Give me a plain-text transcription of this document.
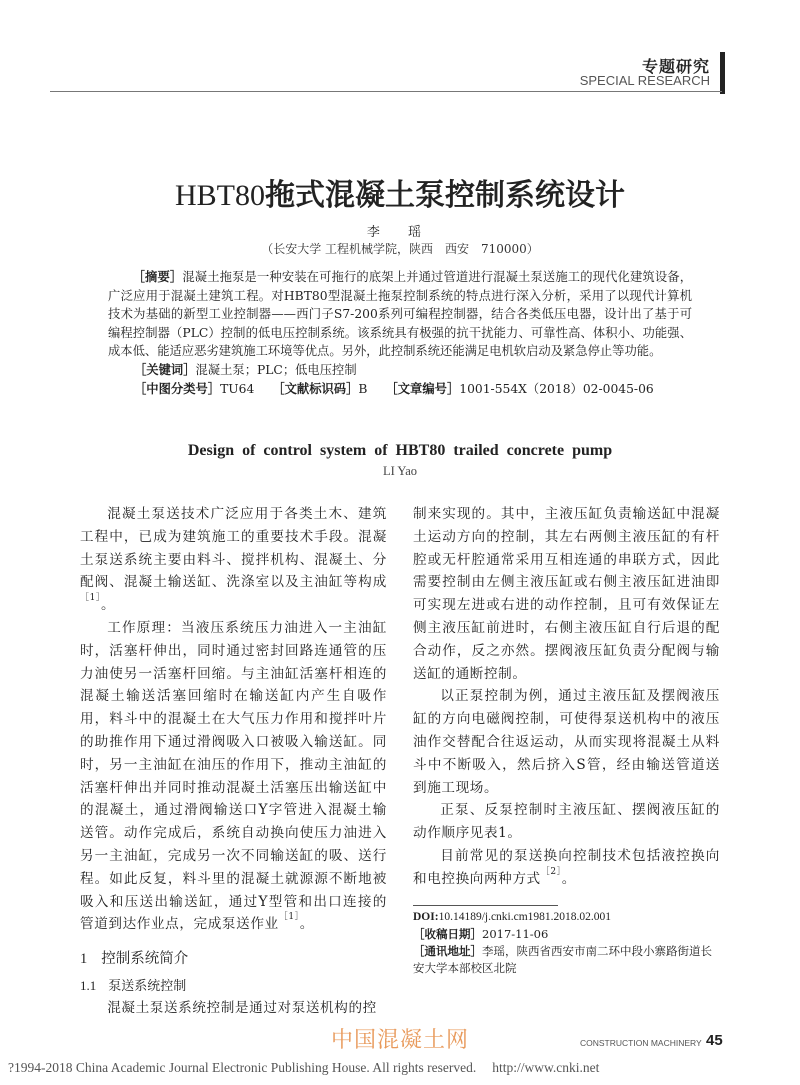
专题研究
SPECIAL RESEARCH
HBT80拖式混凝土泵控制系统设计
李 瑶
（长安大学 工程机械学院，陕西　西安　710000）
［摘要］混凝土拖泵是一种安装在可拖行的底架上并通过管道进行混凝土泵送施工的现代化建筑设备，广泛应用于混凝土建筑工程。对HBT80型混凝土拖泵控制系统的特点进行深入分析，采用了以现代计算机技术为基础的新型工业控制器——西门子S7-200系列可编程控制器，结合各类低压电器，设计出了基于可编程控制器（PLC）控制的低电压控制系统。该系统具有极强的抗干扰能力、可靠性高、体积小、功能强、成本低、能适应恶劣建筑施工环境等优点。另外，此控制系统还能满足电机软启动及紧急停止等功能。
［关键词］混凝土泵；PLC；低电压控制
［中图分类号］TU64 ［文献标识码］B ［文章编号］1001-554X（2018）02-0045-06
Design of control system of HBT80 trailed concrete pump
LI Yao

混凝土泵送技术广泛应用于各类土木、建筑工程中，已成为建筑施工的重要技术手段。混凝土泵送系统主要由料斗、搅拌机构、混凝土、分配阀、混凝土输送缸、洗涤室以及主油缸等构成$^{[1]}$。

工作原理：当液压系统压力油进入一主油缸时，活塞杆伸出，同时通过密封回路连通管的压力油使另一活塞杆回缩。与主油缸活塞杆相连的混凝土输送活塞回缩时在输送缸内产生自吸作用，料斗中的混凝土在大气压力作用和搅拌叶片的助推作用下通过滑阀吸入口被吸入输送缸。同时，另一主油缸在油压的作用下，推动主油缸的活塞杆伸出并同时推动混凝土活塞压出输送缸中的混凝土，通过滑阀输送口Y字管进入混凝土输送管。动作完成后，系统自动换向使压力油进入另一主油缸，完成另一次不同输送缸的吸、送行程。如此反复，料斗里的混凝土就源源不断地被吸入和压送出输送缸，通过Y型管和出口连接的管道到达作业点，完成泵送作业$^{[1]}$。

1 控制系统简介
1.1 泵送系统控制

混凝土泵送系统控制是通过对泵送机构的控

制来实现的。其中，主液压缸负责输送缸中混凝土运动方向的控制，其左右两侧主液压缸的有杆腔或无杆腔通常采用互相连通的串联方式，因此需要控制由左侧主液压缸或右侧主液压缸进油即可实现左进或右进的动作控制，且可有效保证左侧主液压缸前进时，右侧主液压缸自行后退的配合动作，反之亦然。摆阀液压缸负责分配阀与输送缸的通断控制。

以正泵控制为例，通过主液压缸及摆阀液压缸的方向电磁阀控制，可使得泵送机构中的液压油作交替配合往返运动，从而实现将混凝土从料斗中不断吸入，然后挤入S管，经由输送管道送到施工现场。

正泵、反泵控制时主液压缸、摆阀液压缸的动作顺序见表1。

目前常见的泵送换向控制技术包括液控换向和电控换向两种方式$^{[2]}$。

DOI:10.14189/j.cnki.cm1981.2018.02.001
［收稿日期］2017-11-06
［通讯地址］李瑶，陕西省西安市南二环中段小寨路街道长安大学本部校区北院
中国混凝土网	CONSTRUCTION MACHINERY 45
?1994-2018 China Academic Journal Electronic Publishing House. All rights reserved. http://www.cnki.net
